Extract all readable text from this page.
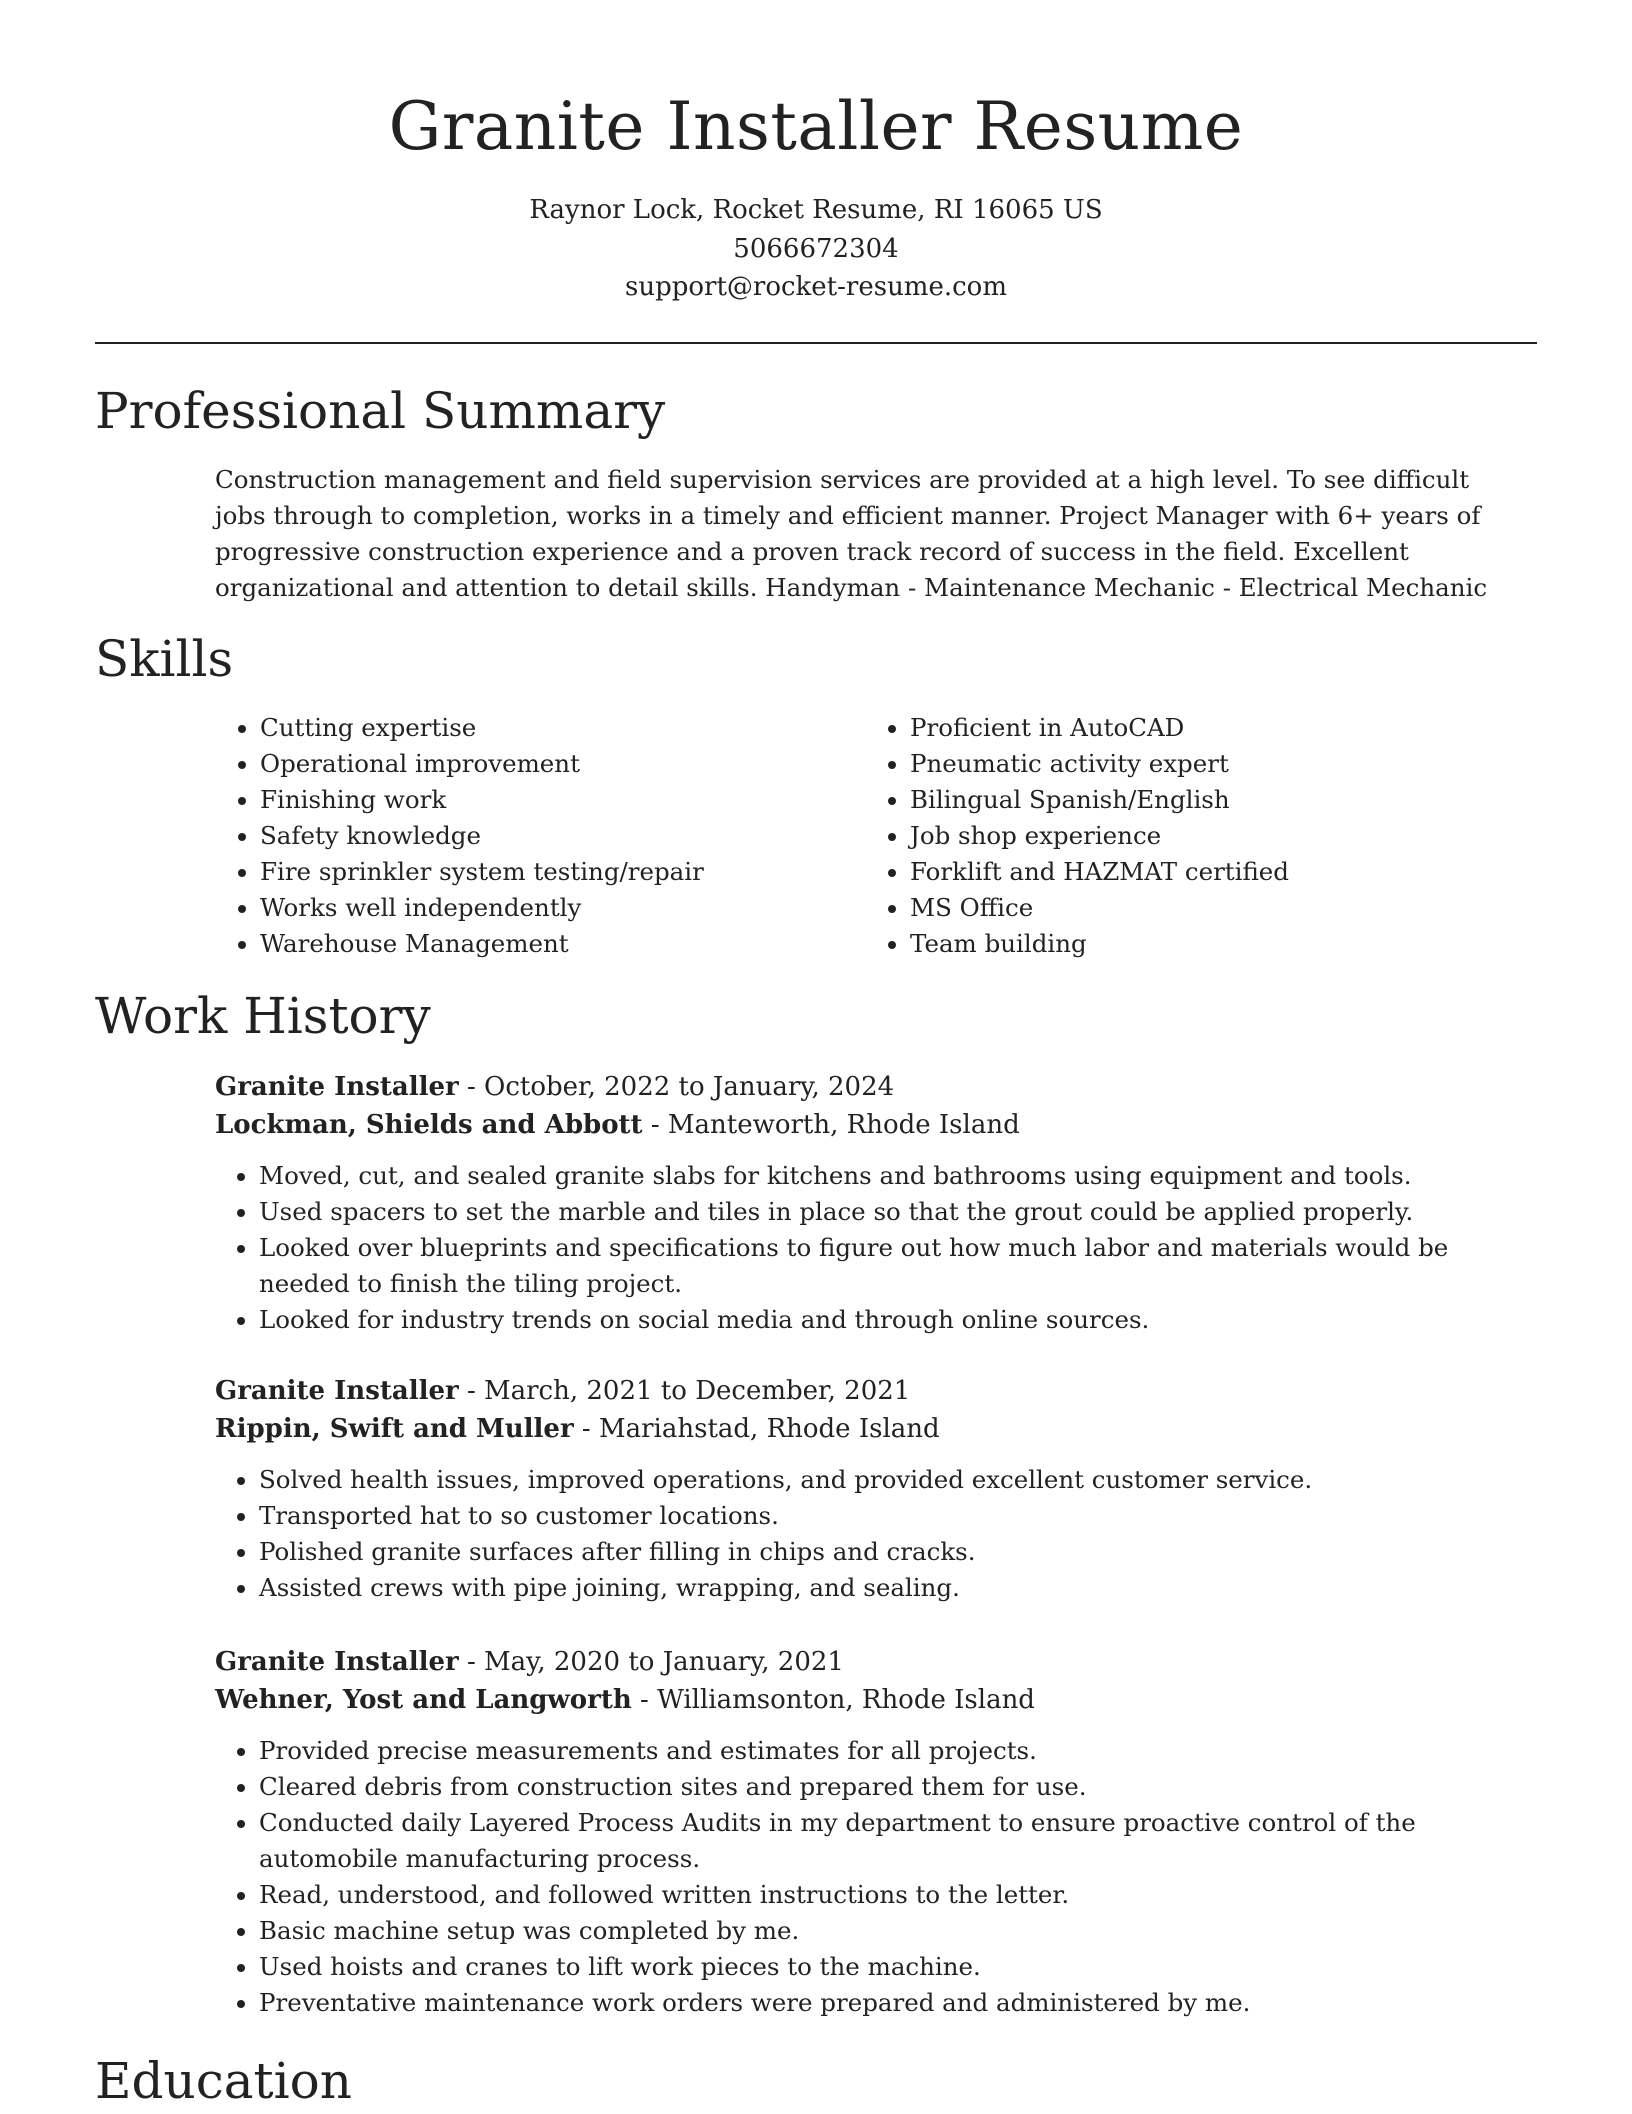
Granite Installer Resume

Raynor Lock, Rocket Resume, RI 16065 US

5066672304

support@rocket-resume.com

Professional Summary

Construction management and field supervision services are provided at a high level. To see difficult jobs through to completion, works in a timely and efficient manner. Project Manager with 6+ years of progressive construction experience and a proven track record of success in the field. Excellent organizational and attention to detail skills. Handyman - Maintenance Mechanic - Electrical Mechanic

Skills
• Cutting expertise
• Operational improvement
• Finishing work
• Safety knowledge
• Fire sprinkler system testing/repair
• Works well independently
• Warehouse Management
• Proficient in AutoCAD
• Pneumatic activity expert
• Bilingual Spanish/English
• Job shop experience
• Forklift and HAZMAT certified
• MS Office
• Team building
Work History

Granite Installer - October, 2022 to January, 2024

Lockman, Shields and Abbott - Manteworth, Rhode Island

• Moved, cut, and sealed granite slabs for kitchens and bathrooms using equipment and tools.
• Used spacers to set the marble and tiles in place so that the grout could be applied properly.
• Looked over blueprints and specifications to figure out how much labor and materials would be needed to finish the tiling project.
• Looked for industry trends on social media and through online sources.

Granite Installer - March, 2021 to December, 2021

Rippin, Swift and Muller - Mariahstad, Rhode Island

• Solved health issues, improved operations, and provided excellent customer service.
• Transported hat to so customer locations.
• Polished granite surfaces after filling in chips and cracks.
• Assisted crews with pipe joining, wrapping, and sealing.

Granite Installer - May, 2020 to January, 2021

Wehner, Yost and Langworth - Williamsonton, Rhode Island

• Provided precise measurements and estimates for all projects.
• Cleared debris from construction sites and prepared them for use.
• Conducted daily Layered Process Audits in my department to ensure proactive control of the automobile manufacturing process.
• Read, understood, and followed written instructions to the letter.
• Basic machine setup was completed by me.
• Used hoists and cranes to lift work pieces to the machine.
• Preventative maintenance work orders were prepared and administered by me.
Education
